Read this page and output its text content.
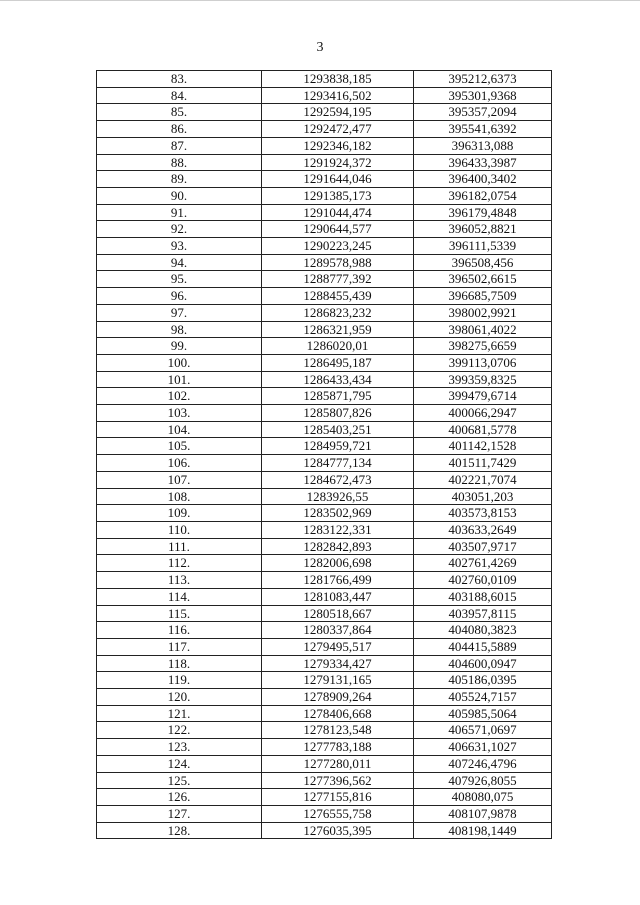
3
83.	1293838,185	395212,6373
84.	1293416,502	395301,9368
85.	1292594,195	395357,2094
86.	1292472,477	395541,6392
87.	1292346,182	396313,088
88.	1291924,372	396433,3987
89.	1291644,046	396400,3402
90.	1291385,173	396182,0754
91.	1291044,474	396179,4848
92.	1290644,577	396052,8821
93.	1290223,245	396111,5339
94.	1289578,988	396508,456
95.	1288777,392	396502,6615
96.	1288455,439	396685,7509
97.	1286823,232	398002,9921
98.	1286321,959	398061,4022
99.	1286020,01	398275,6659
100.	1286495,187	399113,0706
101.	1286433,434	399359,8325
102.	1285871,795	399479,6714
103.	1285807,826	400066,2947
104.	1285403,251	400681,5778
105.	1284959,721	401142,1528
106.	1284777,134	401511,7429
107.	1284672,473	402221,7074
108.	1283926,55	403051,203
109.	1283502,969	403573,8153
110.	1283122,331	403633,2649
111.	1282842,893	403507,9717
112.	1282006,698	402761,4269
113.	1281766,499	402760,0109
114.	1281083,447	403188,6015
115.	1280518,667	403957,8115
116.	1280337,864	404080,3823
117.	1279495,517	404415,5889
118.	1279334,427	404600,0947
119.	1279131,165	405186,0395
120.	1278909,264	405524,7157
121.	1278406,668	405985,5064
122.	1278123,548	406571,0697
123.	1277783,188	406631,1027
124.	1277280,011	407246,4796
125.	1277396,562	407926,8055
126.	1277155,816	408080,075
127.	1276555,758	408107,9878
128.	1276035,395	408198,1449
